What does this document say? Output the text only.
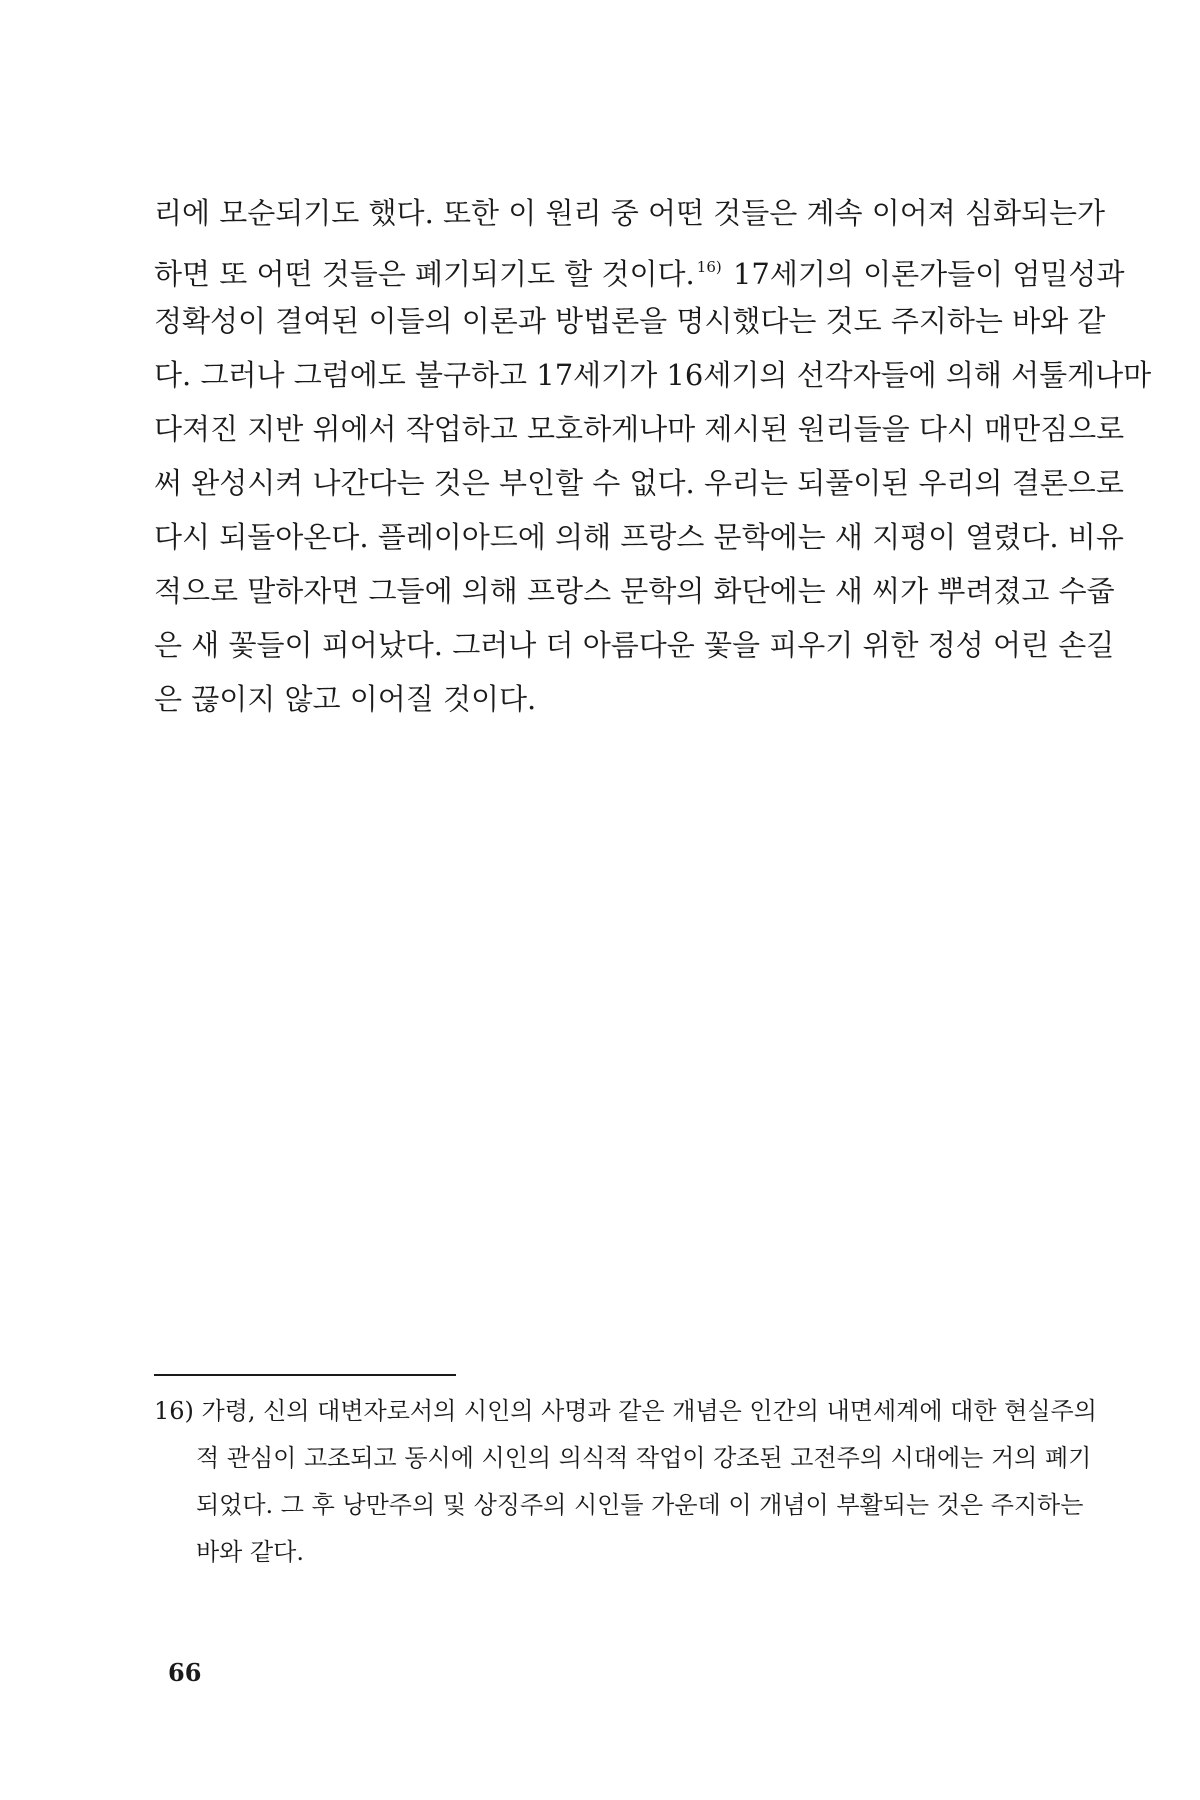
리에 모순되기도 했다. 또한 이 원리 중 어떤 것들은 계속 이어져 심화되는가
하면 또 어떤 것들은 폐기되기도 할 것이다. $^{16)}$ 17세기의 이론가들이 엄밀성과
정확성이 결여된 이들의 이론과 방법론을 명시했다는 것도 주지하는 바와 같
다. 그러나 그럼에도 불구하고 17세기가 16세기의 선각자들에 의해 서툴게나마
다져진 지반 위에서 작업하고 모호하게나마 제시된 원리들을 다시 매만짐으로
써 완성시켜 나간다는 것은 부인할 수 없다. 우리는 되풀이된 우리의 결론으로
다시 되돌아온다. 플레이아드에 의해 프랑스 문학에는 새 지평이 열렸다. 비유
적으로 말하자면 그들에 의해 프랑스 문학의 화단에는 새 씨가 뿌려졌고 수줍
은 새 꽃들이 피어났다. 그러나 더 아름다운 꽃을 피우기 위한 정성 어린 손길
은 끊이지 않고 이어질 것이다.
16) 가령, 신의 대변자로서의 시인의 사명과 같은 개념은 인간의 내면세계에 대한 현실주의
적 관심이 고조되고 동시에 시인의 의식적 작업이 강조된 고전주의 시대에는 거의 폐기
되었다. 그 후 낭만주의 및 상징주의 시인들 가운데 이 개념이 부활되는 것은 주지하는
바와 같다.
66
